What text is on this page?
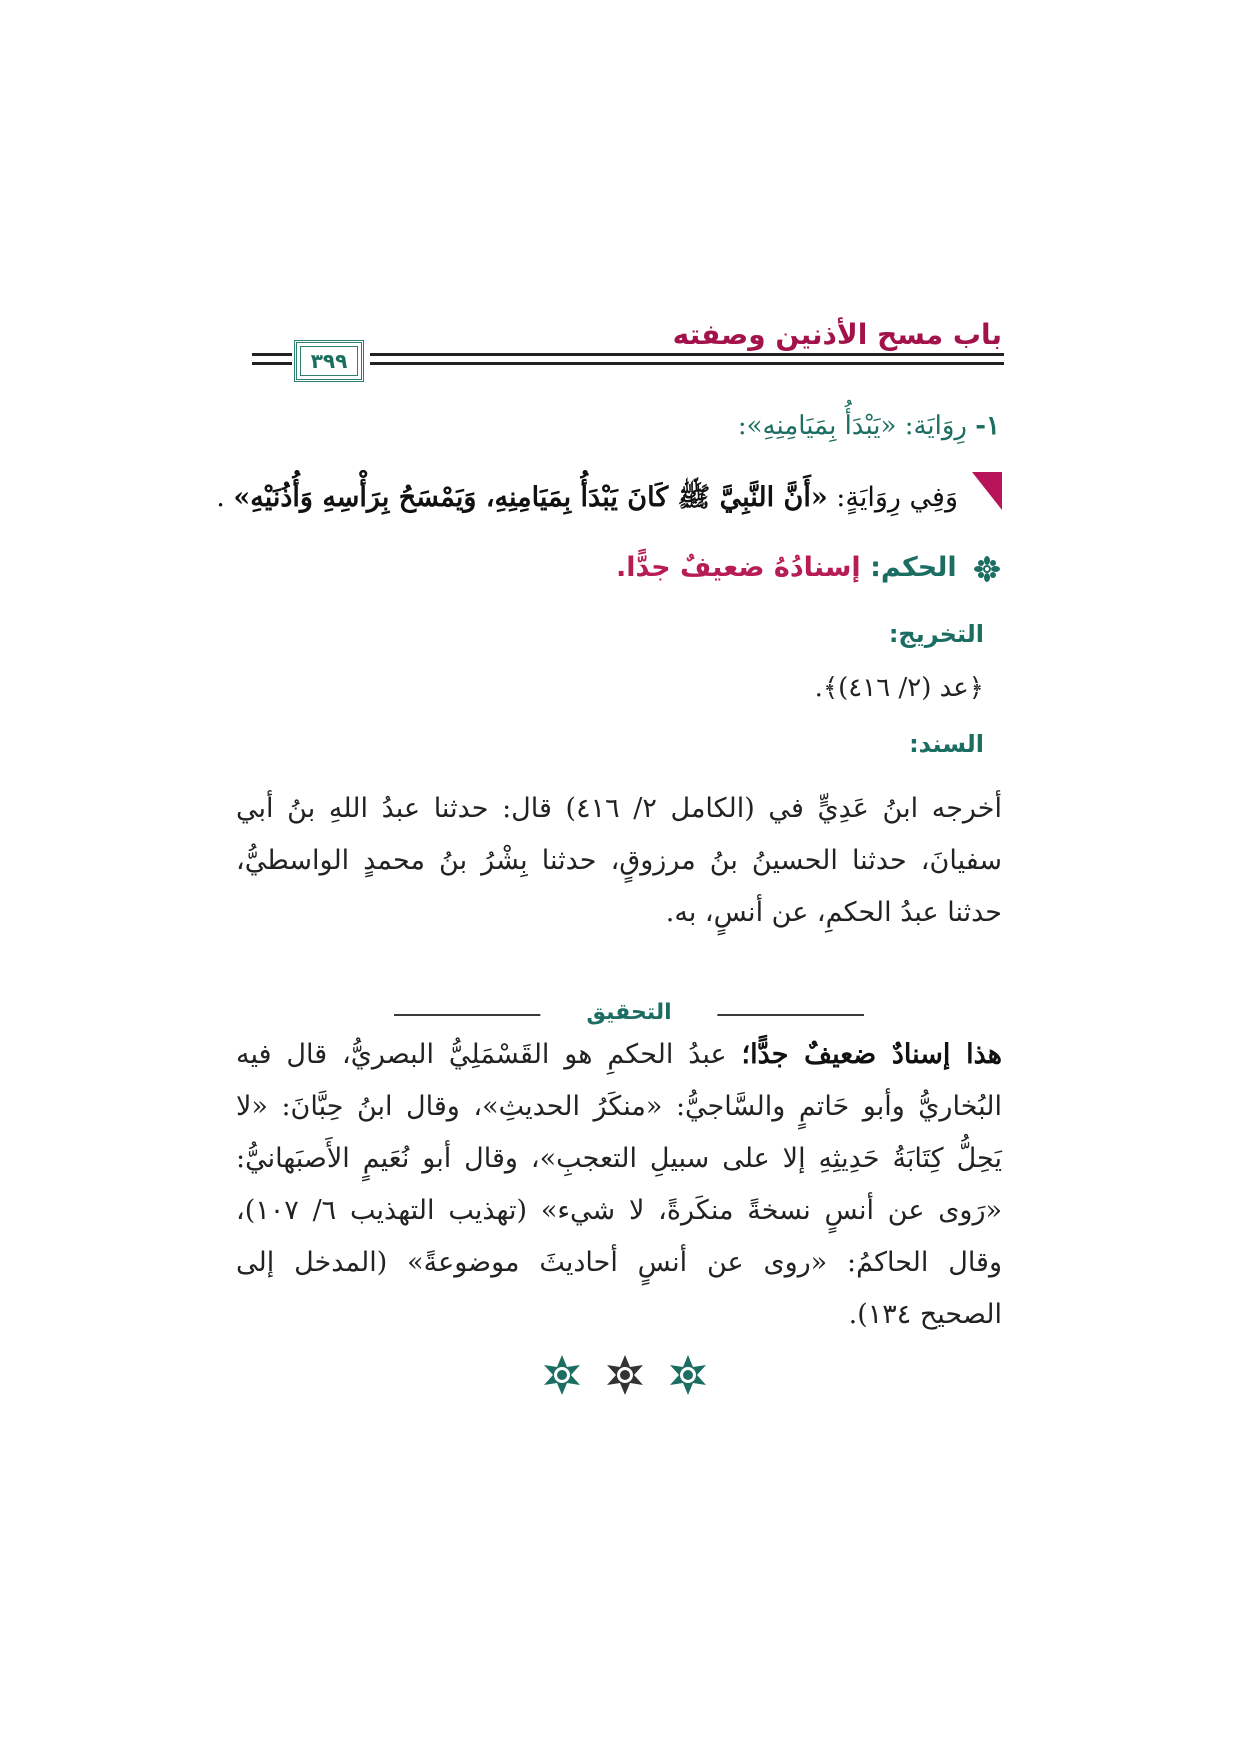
باب مسح الأذنين وصفته
٣٩٩
١- رِوَايَة: «يَبْدَأُ بِمَيَامِنِهِ»:
وَفِي رِوَايَةٍ: «أَنَّ النَّبِيَّ ﷺ كَانَ يَبْدَأُ بِمَيَامِنِهِ، وَيَمْسَحُ بِرَأْسِهِ وَأُذُنَيْهِ» .
الحكم: إسنادُهُ ضعيفٌ جدًّا.
التخريج:
﴿عد (٢/ ٤١٦)﴾.
السند:
أخرجه ابنُ عَدِيٍّ في (الكامل ٢/ ٤١٦) قال: حدثنا عبدُ اللهِ بنُ أبي سفيانَ، حدثنا الحسينُ بنُ مرزوقٍ، حدثنا بِشْرُ بنُ محمدٍ الواسطيُّ، حدثنا عبدُ الحكمِ، عن أنسٍ، به.
التحقيق
هذا إسنادٌ ضعيفٌ جدًّا؛ عبدُ الحكمِ هو القَسْمَلِيُّ البصريُّ، قال فيه البُخاريُّ وأبو حَاتمٍ والسَّاجيُّ: «منكَرُ الحديثِ»، وقال ابنُ حِبَّانَ: «لا يَحِلُّ كِتَابَةُ حَدِيثِهِ إلا على سبيلِ التعجبِ»، وقال أبو نُعَيمٍ الأَصبَهانيُّ: «رَوى عن أنسٍ نسخةً منكَرةً، لا شيء» (تهذيب التهذيب ٦/ ١٠٧)، وقال الحاكمُ: «روى عن أنسٍ أحاديثَ موضوعةً» (المدخل إلى الصحيح ١٣٤).
